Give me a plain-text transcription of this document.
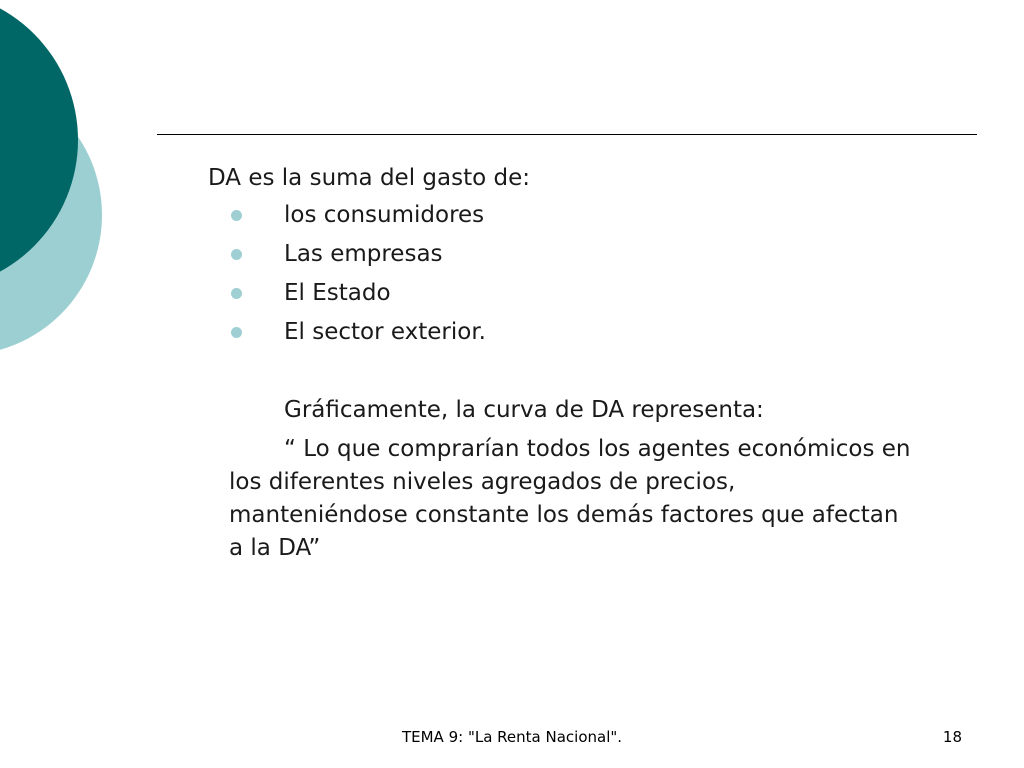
DA es la suma del gasto de:
los consumidores
Las empresas
El Estado
El sector exterior.
Gráficamente, la curva de DA representa:
“ Lo que comprarían todos los agentes económicos en los diferentes niveles agregados de precios, manteniéndose constante los demás factores que afectan a la DA”
TEMA 9: "La Renta Nacional".	18
